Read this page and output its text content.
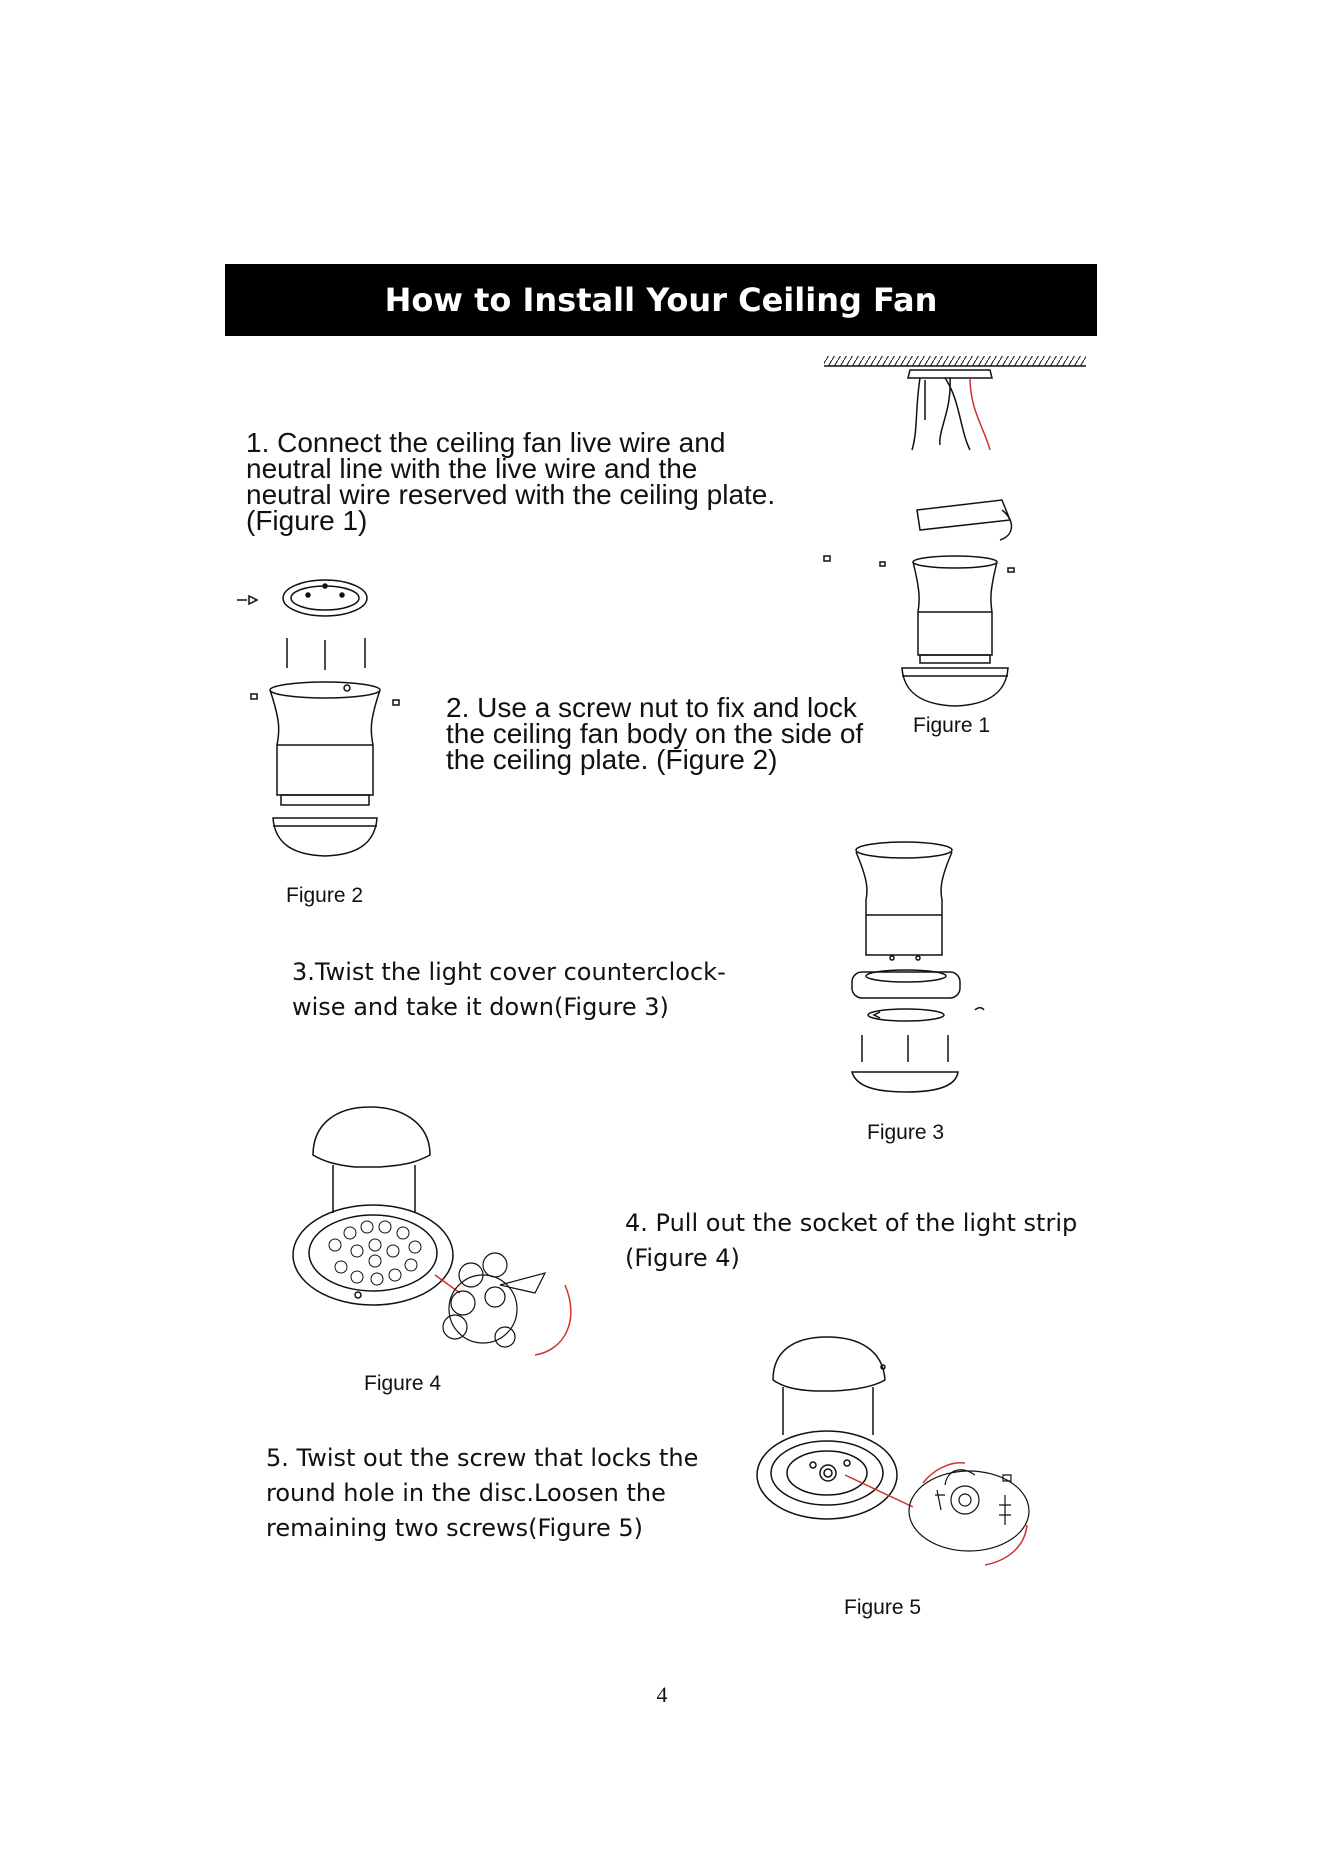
How to Install Your Ceiling Fan
1. Connect the ceiling fan live wire and
neutral line with the live wire and the
neutral wire reserved with the ceiling plate.
(Figure 1)
2. Use a screw nut to fix and lock
the ceiling fan body on the side of
the ceiling plate. (Figure 2)
3.Twist the light cover counterclock-
wise and take it down(Figure 3)
4. Pull out the socket of the light strip
(Figure 4)
5. Twist out the screw that locks the
round hole in the disc.Loosen the
remaining two screws(Figure 5)
Figure 1
Figure 2
Figure 3
Figure 4
Figure 5
4
